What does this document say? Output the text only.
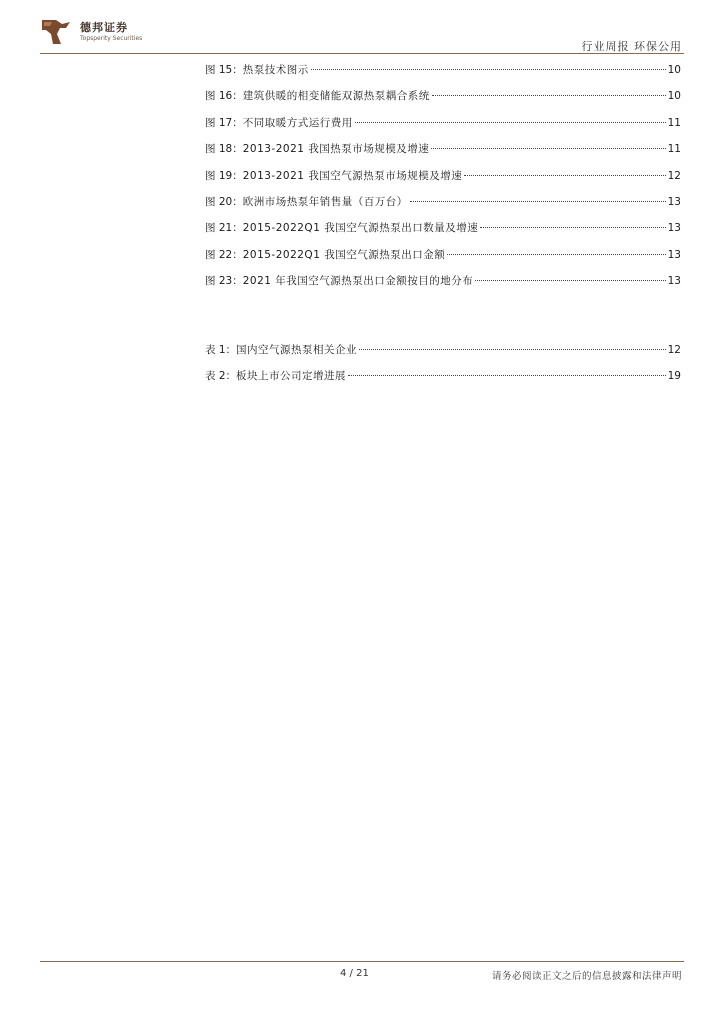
德邦证券
Topsperity Securities
行业周报 环保公用
图 15： 热泵技术图示	10
图 16： 建筑供暖的相变储能双源热泵耦合系统	10
图 17： 不同取暖方式运行费用	11
图 18： 2013-2021 我国热泵市场规模及增速	11
图 19： 2013-2021 我国空气源热泵市场规模及增速	12
图 20： 欧洲市场热泵年销售量（百万台）	13
图 21： 2015-2022Q1 我国空气源热泵出口数量及增速	13
图 22： 2015-2022Q1 我国空气源热泵出口金额	13
图 23： 2021 年我国空气源热泵出口金额按目的地分布	13
表 1： 国内空气源热泵相关企业	12
表 2： 板块上市公司定增进展	19
4 / 21	请务必阅读正文之后的信息披露和法律声明
